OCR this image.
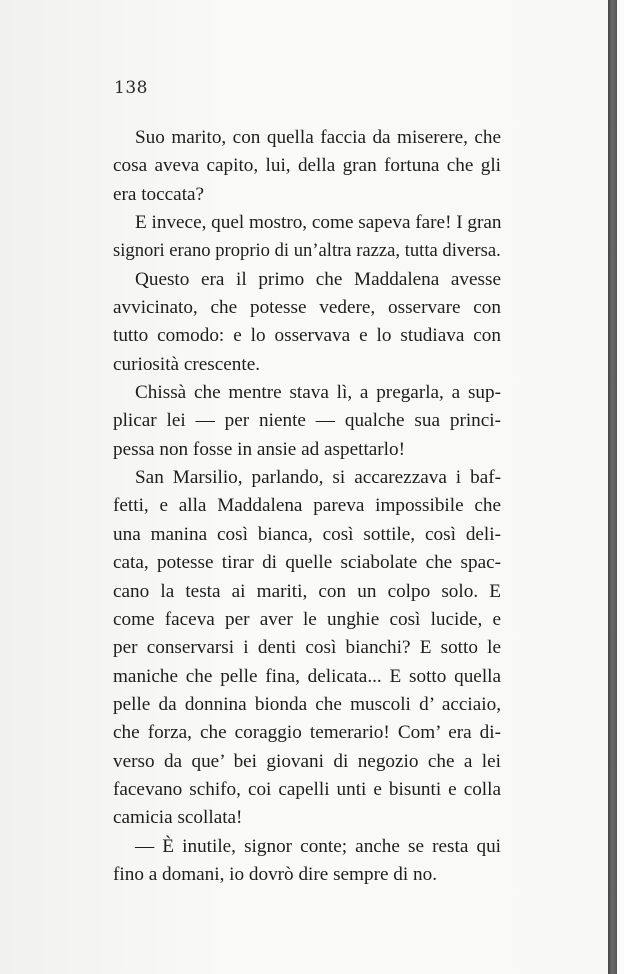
138
Suo marito, con quella faccia da miserere, che
cosa aveva capito, lui, della gran fortuna che gli
era toccata?
E invece, quel mostro, come sapeva fare! I gran
signori erano proprio di un’altra razza, tutta diversa.
Questo era il primo che Maddalena avesse
avvicinato, che potesse vedere, osservare con
tutto comodo: e lo osservava e lo studiava con
curiosità crescente.
Chissà che mentre stava lì, a pregarla, a sup-
plicar lei — per niente — qualche sua princi-
pessa non fosse in ansie ad aspettarlo!
San Marsilio, parlando, si accarezzava i baf-
fetti, e alla Maddalena pareva impossibile che
una manina così bianca, così sottile, così deli-
cata, potesse tirar di quelle sciabolate che spac-
cano la testa ai mariti, con un colpo solo. E
come faceva per aver le unghie così lucide, e
per conservarsi i denti così bianchi? E sotto le
maniche che pelle fina, delicata... E sotto quella
pelle da donnina bionda che muscoli d’ acciaio,
che forza, che coraggio temerario! Com’ era di-
verso da que’ bei giovani di negozio che a lei
facevano schifo, coi capelli unti e bisunti e colla
camicia scollata!
— È inutile, signor conte; anche se resta qui
fino a domani, io dovrò dire sempre di no.
